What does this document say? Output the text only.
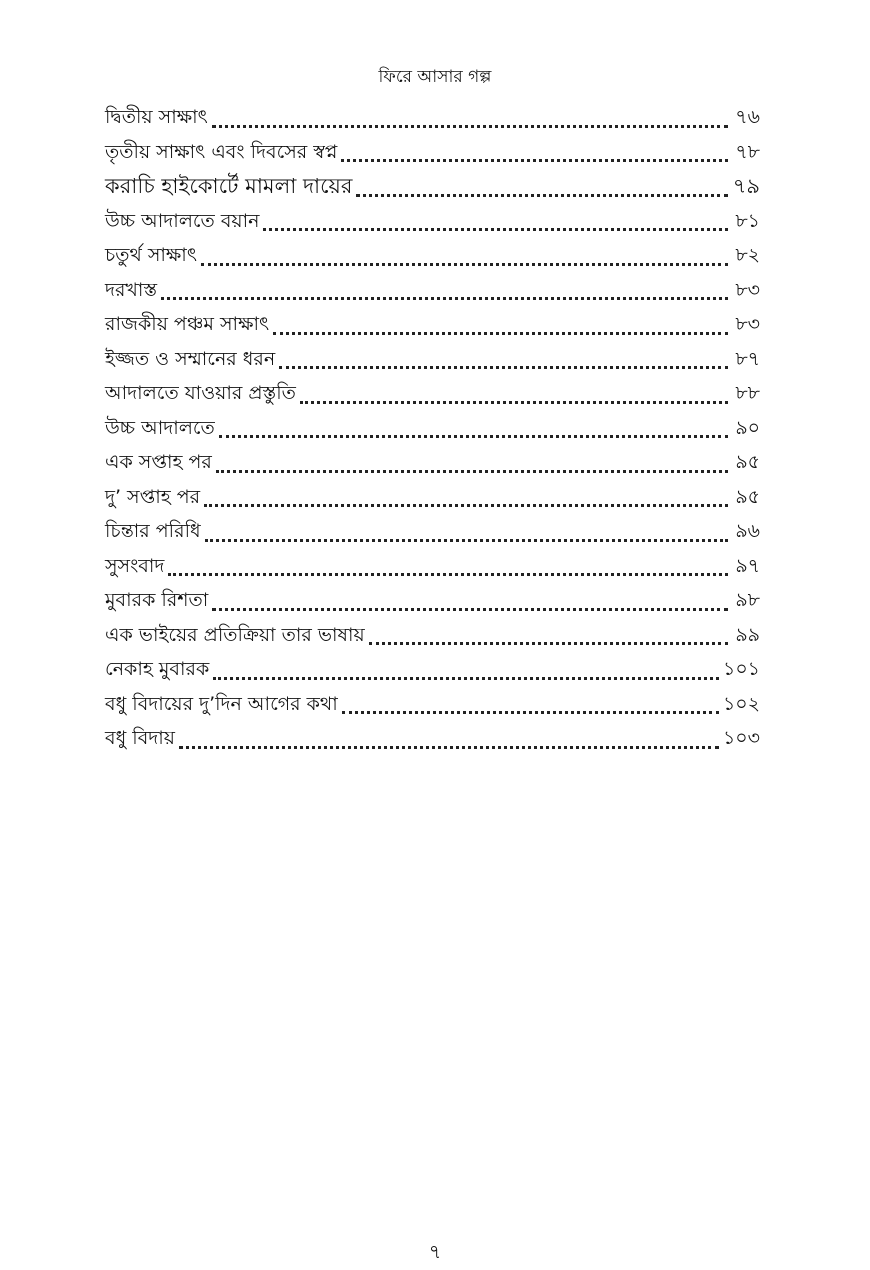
ফিরে আসার গল্প
দ্বিতীয় সাক্ষাৎ	৭৬
তৃতীয় সাক্ষাৎ এবং দিবসের স্বপ্ন	৭৮
করাচি হাইকোর্টে মামলা দায়ের	৭৯
উচ্চ আদালতে বয়ান	৮১
চতুর্থ সাক্ষাৎ	৮২
দরখাস্ত	৮৩
রাজকীয় পঞ্চম সাক্ষাৎ	৮৩
ইজ্জত ও সম্মানের ধরন	৮৭
আদালতে যাওয়ার প্রস্তুতি	৮৮
উচ্চ আদালতে	৯০
এক সপ্তাহ পর	৯৫
দু’ সপ্তাহ পর	৯৫
চিন্তার পরিধি	৯৬
সুসংবাদ	৯৭
মুবারক রিশতা	৯৮
এক ভাইয়ের প্রতিক্রিয়া তার ভাষায়	৯৯
নেকাহ মুবারক	১০১
বধু বিদায়ের দু’দিন আগের কথা	১০২
বধু বিদায়	১০৩
৭
